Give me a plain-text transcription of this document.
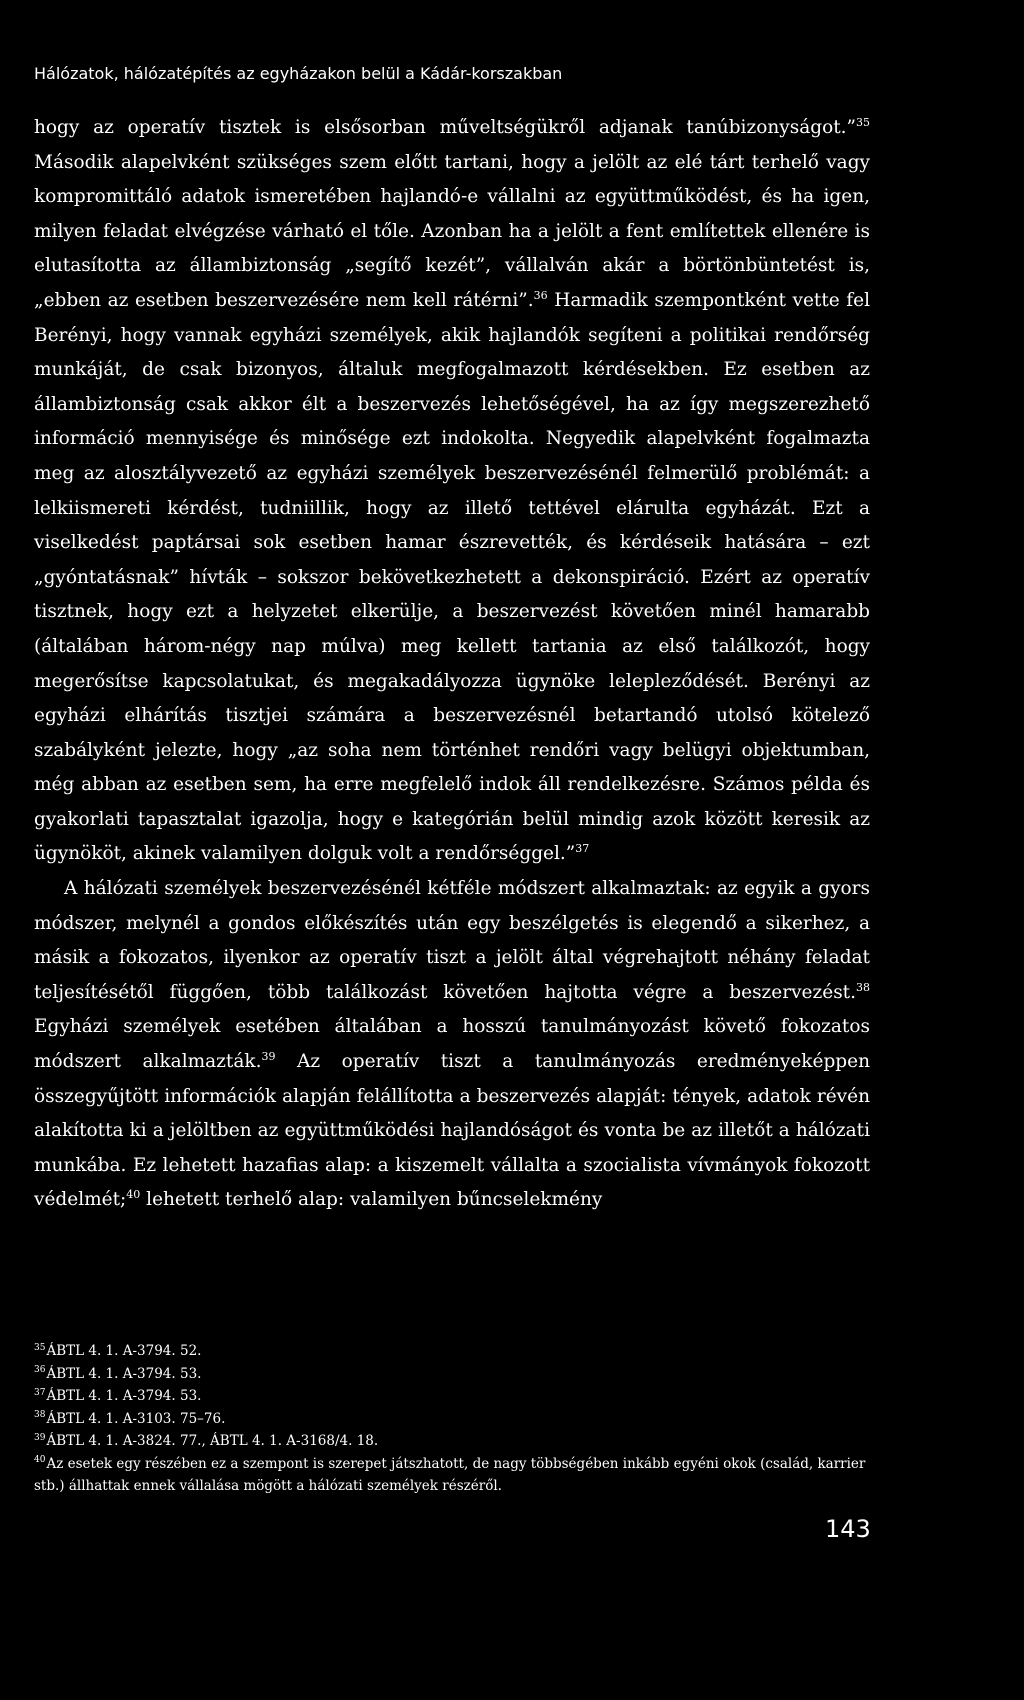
Hálózatok, hálózatépítés az egyházakon belül a Kádár-korszakban

hogy az operatív tisztek is elsősorban műveltségükről adjanak tanúbizonyságot.”$^{35}$ Második alapelvként szükséges szem előtt tartani, hogy a jelölt az elé tárt terhelő vagy kompromittáló adatok ismeretében hajlandó-e vállalni az együttműködést, és ha igen, milyen feladat elvégzése várható el tőle. Azonban ha a jelölt a fent említettek ellenére is elutasította az állambiztonság „segítő kezét”, vállalván akár a börtönbüntetést is, „ebben az esetben beszervezésére nem kell rátérni”.$^{36}$ Harmadik szempontként vette fel Berényi, hogy vannak egyházi személyek, akik hajlandók segíteni a politikai rendőrség munkáját, de csak bizonyos, általuk megfogalmazott kérdésekben. Ez esetben az állambiztonság csak akkor élt a beszervezés lehetőségével, ha az így megszerezhető információ mennyisége és minősége ezt indokolta. Negyedik alapelvként fogalmazta meg az alosztályvezető az egyházi személyek beszervezésénél felmerülő problémát: a lelkiismereti kérdést, tudniillik, hogy az illető tettével elárulta egyházát. Ezt a viselkedést paptársai sok esetben hamar észrevették, és kérdéseik hatására – ezt „gyóntatásnak” hívták – sokszor bekövetkezhetett a dekonspiráció. Ezért az operatív tisztnek, hogy ezt a helyzetet elkerülje, a beszervezést követően minél hamarabb (általában három-négy nap múlva) meg kellett tartania az első találkozót, hogy megerősítse kapcsolatukat, és megakadályozza ügynöke lelepleződését. Berényi az egyházi elhárítás tisztjei számára a beszervezésnél betartandó utolsó kötelező szabályként jelezte, hogy „az soha nem történhet rendőri vagy belügyi objektumban, még abban az esetben sem, ha erre megfelelő indok áll rendelkezésre. Számos példa és gyakorlati tapasztalat igazolja, hogy e kategórián belül mindig azok között keresik az ügynököt, akinek valamilyen dolguk volt a rendőrséggel.”$^{37}$

A hálózati személyek beszervezésénél kétféle módszert alkalmaztak: az egyik a gyors módszer, melynél a gondos előkészítés után egy beszélgetés is elegendő a sikerhez, a másik a fokozatos, ilyenkor az operatív tiszt a jelölt által végrehajtott néhány feladat teljesítésétől függően, több találkozást követően hajtotta végre a beszervezést.$^{38}$ Egyházi személyek esetében általában a hosszú tanulmányozást követő fokozatos módszert alkalmazták.$^{39}$ Az operatív tiszt a tanulmányozás eredményeképpen összegyűjtött információk alapján felállította a beszervezés alapját: tények, adatok révén alakította ki a jelöltben az együttműködési hajlandóságot és vonta be az illetőt a hálózati munkába. Ez lehetett hazafias alap: a kiszemelt vállalta a szocialista vívmányok fokozott védelmét;$^{40}$ lehetett terhelő alap: valamilyen bűncselekmény

$^{35}$ÁBTL 4. 1. A-3794. 52.

$^{36}$ÁBTL 4. 1. A-3794. 53.

$^{37}$ÁBTL 4. 1. A-3794. 53.

$^{38}$ÁBTL 4. 1. A-3103. 75–76.

$^{39}$ÁBTL 4. 1. A-3824. 77., ÁBTL 4. 1. A-3168/4. 18.

$^{40}$Az esetek egy részében ez a szempont is szerepet játszhatott, de nagy többségében inkább egyéni okok (család, karrier stb.) állhattak ennek vállalása mögött a hálózati személyek részéről.

143
